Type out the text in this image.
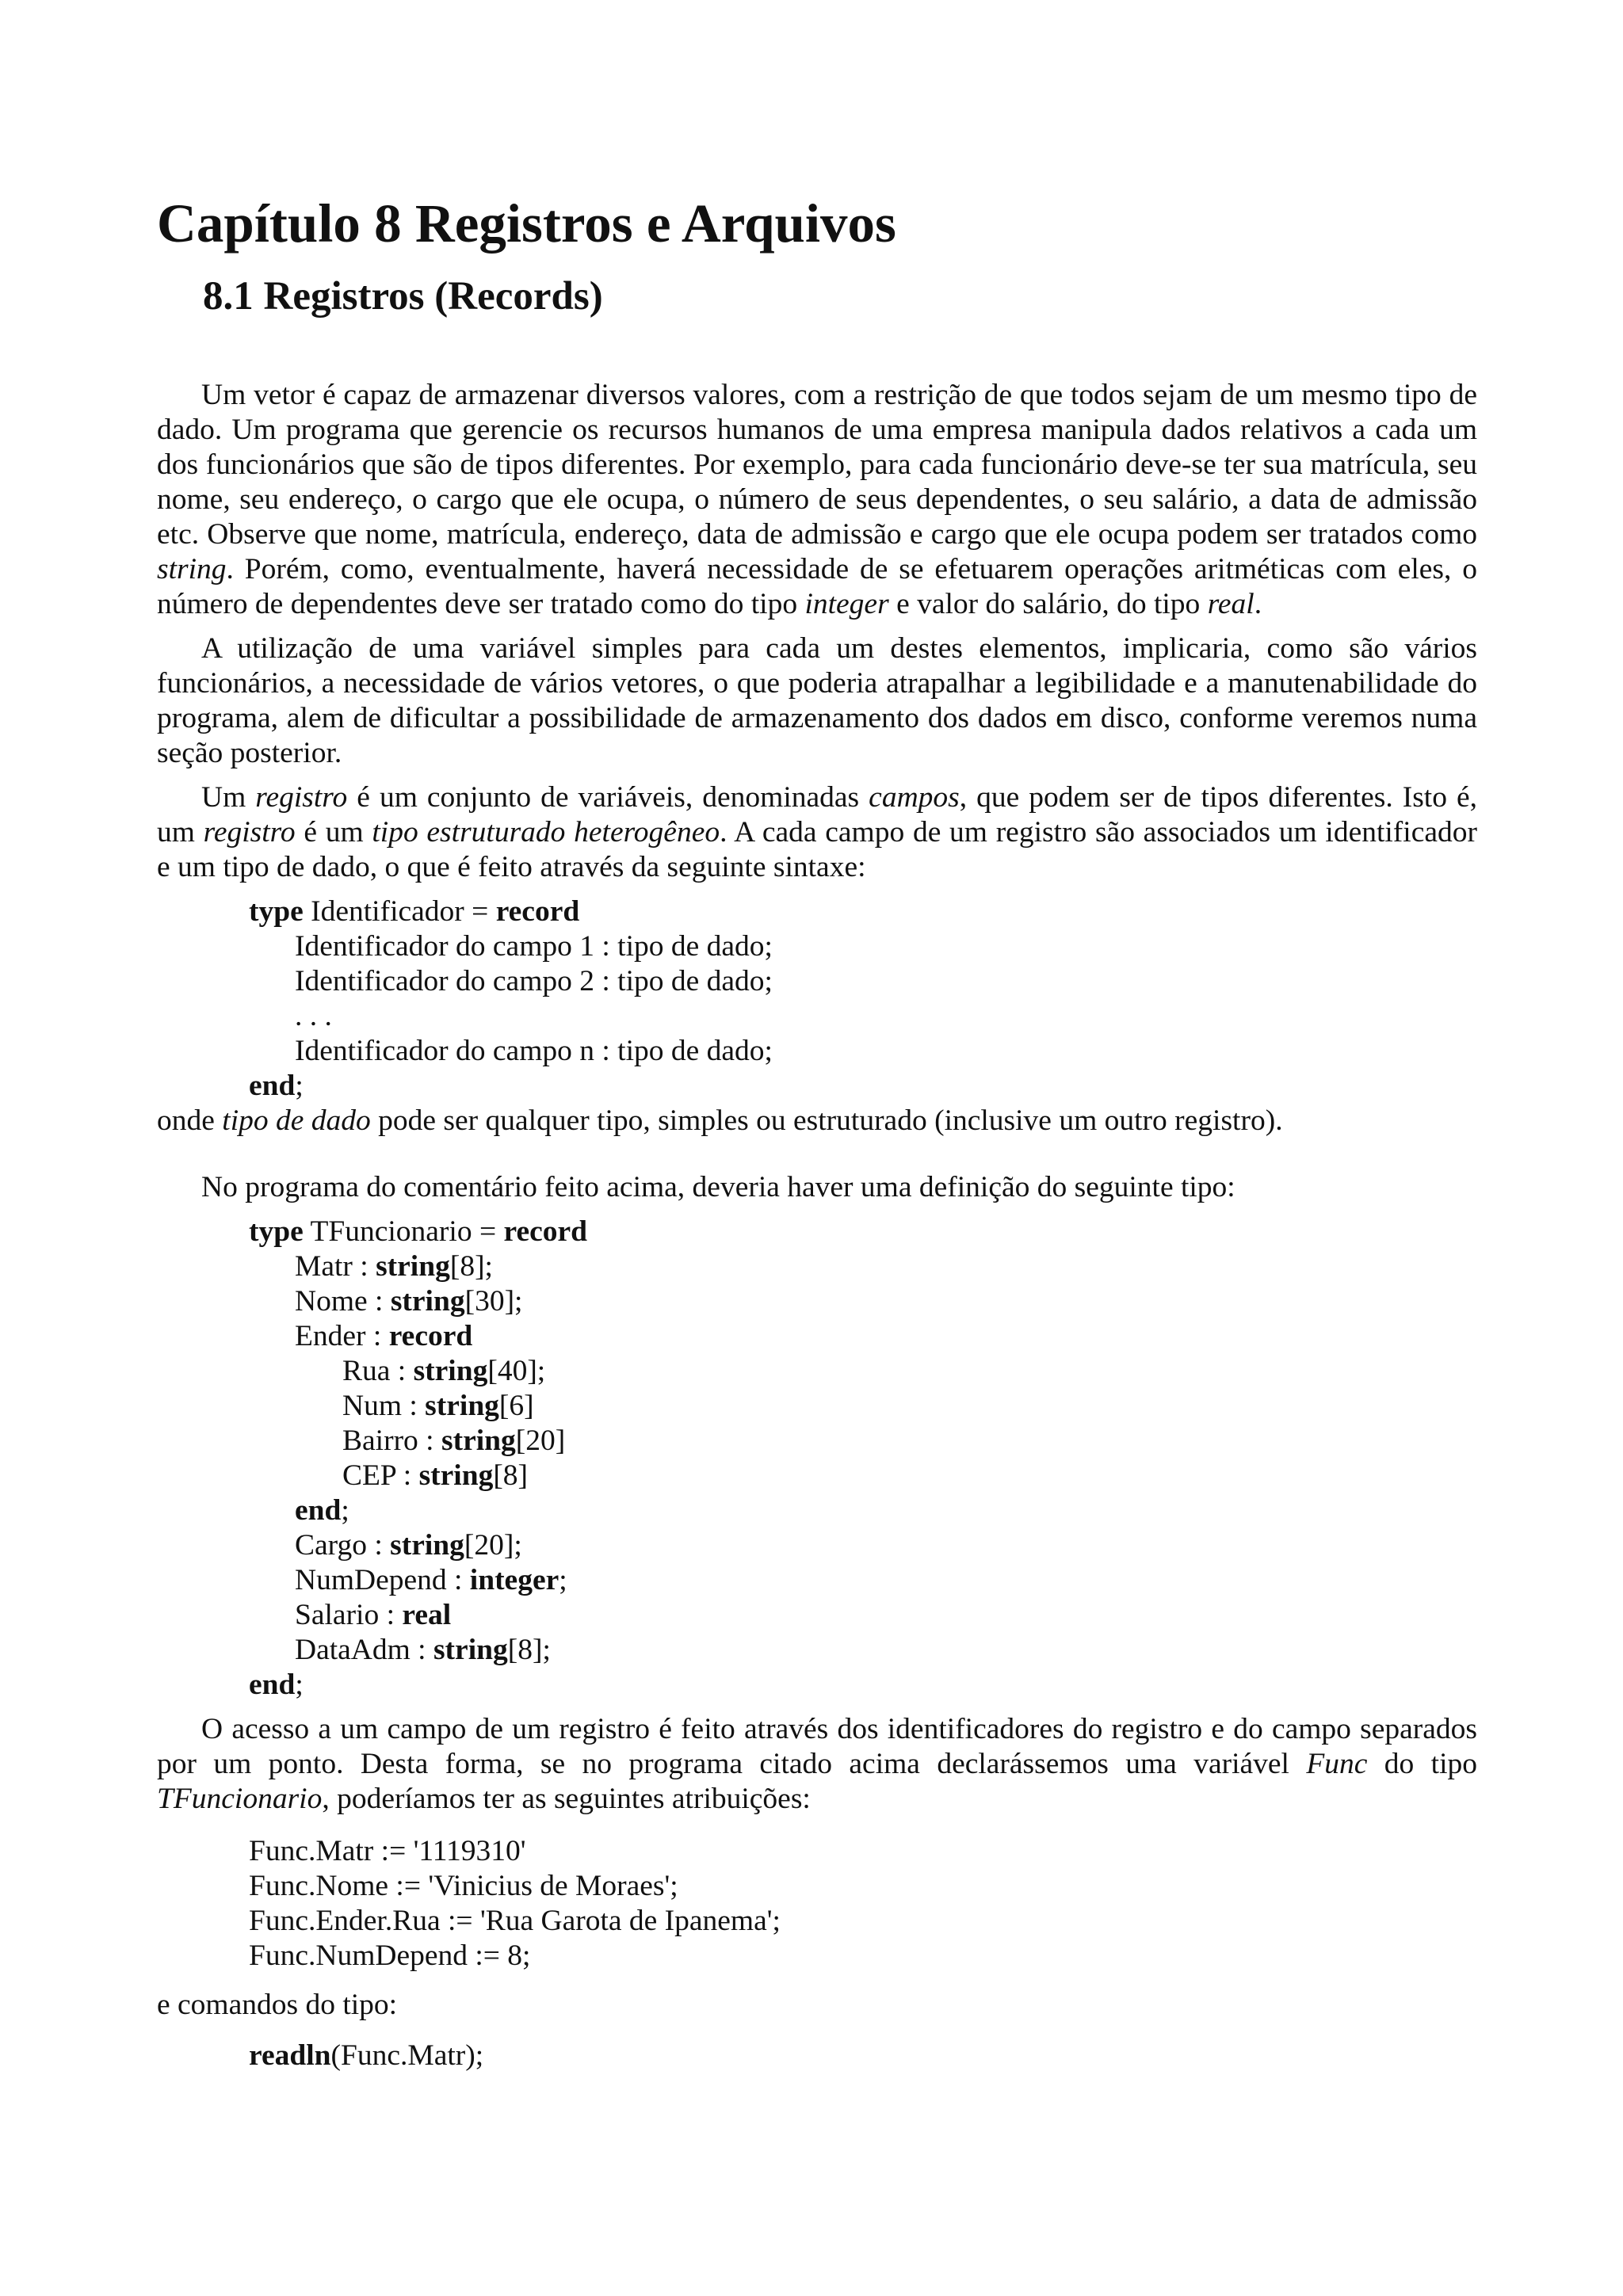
Capítulo 8 Registros e Arquivos
8.1 Registros (Records)

Um vetor é capaz de armazenar diversos valores, com a restrição de que todos sejam de um mesmo tipo de dado. Um programa que gerencie os recursos humanos de uma empresa manipula dados relativos a cada um dos funcionários que são de tipos diferentes. Por exemplo, para cada funcionário deve-se ter sua matrícula, seu nome, seu endereço, o cargo que ele ocupa, o número de seus dependentes, o seu salário, a data de admissão etc. Observe que nome, matrícula, endereço, data de admissão e cargo que ele ocupa podem ser tratados como string. Porém, como, eventualmente, haverá necessidade de se efetuarem operações aritméticas com eles, o número de dependentes deve ser tratado como do tipo integer e valor do salário, do tipo real.

A utilização de uma variável simples para cada um destes elementos, implicaria, como são vários funcionários, a necessidade de vários vetores, o que poderia atrapalhar a legibilidade e a manutenabilidade do programa, alem de dificultar a possibilidade de armazenamento dos dados em disco, conforme veremos numa seção posterior.

Um registro é um conjunto de variáveis, denominadas campos, que podem ser de tipos diferentes. Isto é, um registro é um tipo estruturado heterogêneo. A cada campo de um registro são associados um identificador e um tipo de dado, o que é feito através da seguinte sintaxe:

type Identificador = record
Identificador do campo 1 : tipo de dado;
Identificador do campo 2 : tipo de dado;
. . .
Identificador do campo n : tipo de dado;
end;

onde tipo de dado pode ser qualquer tipo, simples ou estruturado (inclusive um outro registro).

No programa do comentário feito acima, deveria haver uma definição do seguinte tipo:

type TFuncionario = record
Matr : string[8];
Nome : string[30];
Ender : record
Rua : string[40];
Num : string[6]
Bairro : string[20]
CEP : string[8]
end;
Cargo : string[20];
NumDepend : integer;
Salario : real
DataAdm : string[8];
end;

O acesso a um campo de um registro é feito através dos identificadores do registro e do campo separados por um ponto. Desta forma, se no programa citado acima declarássemos uma variável Func do tipo TFuncionario, poderíamos ter as seguintes atribuições:

Func.Matr := '1119310'
Func.Nome := 'Vinicius de Moraes';
Func.Ender.Rua := 'Rua Garota de Ipanema';
Func.NumDepend := 8;

e comandos do tipo:

readln(Func.Matr);
